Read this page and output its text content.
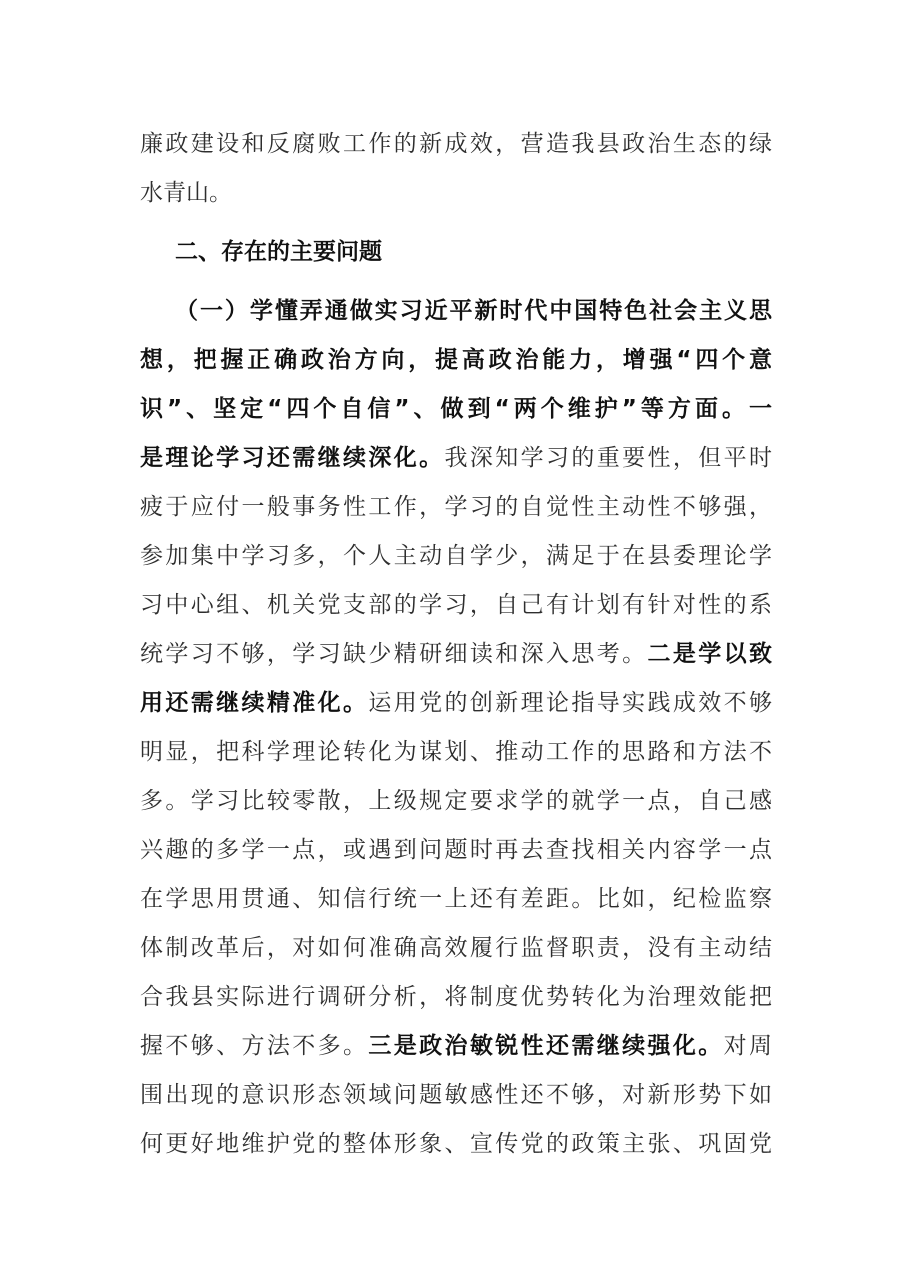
廉政建设和反腐败工作的新成效，营造我县政治生态的绿
水青山。
二、存在的主要问题
（一）学懂弄通做实习近平新时代中国特色社会主义思
想，把握正确政治方向，提高政治能力，增强“四个意
识”、坚定“四个自信”、做到“两个维护”等方面。一
是理论学习还需继续深化。我深知学习的重要性，但平时
疲于应付一般事务性工作，学习的自觉性主动性不够强，
参加集中学习多，个人主动自学少，满足于在县委理论学
习中心组、机关党支部的学习，自己有计划有针对性的系
统学习不够，学习缺少精研细读和深入思考。二是学以致
用还需继续精准化。运用党的创新理论指导实践成效不够
明显，把科学理论转化为谋划、推动工作的思路和方法不
多。学习比较零散，上级规定要求学的就学一点，自己感
兴趣的多学一点，或遇到问题时再去查找相关内容学一点
在学思用贯通、知信行统一上还有差距。比如，纪检监察
体制改革后，对如何准确高效履行监督职责，没有主动结
合我县实际进行调研分析，将制度优势转化为治理效能把
握不够、方法不多。三是政治敏锐性还需继续强化。对周
围出现的意识形态领域问题敏感性还不够，对新形势下如
何更好地维护党的整体形象、宣传党的政策主张、巩固党
